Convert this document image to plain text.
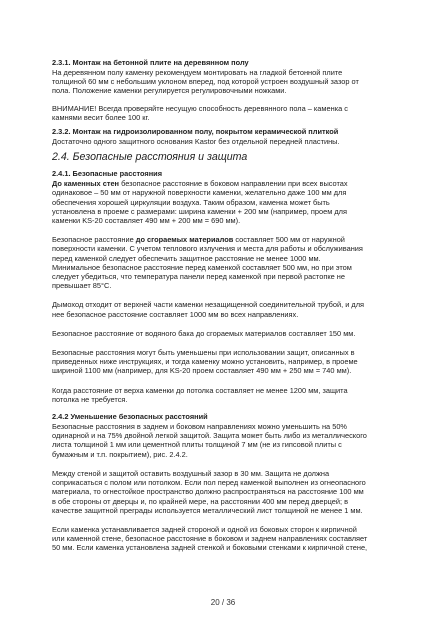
2.3.1. Монтаж на бетонной плите на деревянном полу

На деревянном полу каменку рекомендуем монтировать на гладкой бетонной плите

толщиной 60 мм с небольшим уклоном вперед, под которой устроен воздушный зазор от

пола. Положение каменки регулируется регулировочными ножками.

ВНИМАНИЕ! Всегда проверяйте несущую способность деревянного пола – каменка с

камнями весит более 100 кг.

2.3.2. Монтаж на гидроизолированном полу, покрытом керамической плиткой

Достаточно одного защитного основания Kastor без отдельной передней пластины.

2.4. Безопасные расстояния и защита
2.4.1. Безопасные расстояния

До каменных стен безопасное расстояние в боковом направлении при всех высотах

одинаковое – 50 мм от наружной поверхности каменки, желательно даже 100 мм для

обеспечения хорошей циркуляции воздуха. Таким образом, каменка может быть

установлена в проеме с размерами: ширина каменки + 200 мм (например, проем для

каменки KS-20 составляет 490 мм + 200 мм = 690 мм).

Безопасное расстояние до сгораемых материалов составляет 500 мм от наружной

поверхности каменки. С учетом теплового излучения и места для работы и обслуживания

перед каменкой следует обеспечить защитное расстояние не менее 1000 мм.

Минимальное безопасное расстояние перед каменкой составляет 500 мм, но при этом

следует убедиться, что температура панели перед каменкой при первой растопке не

превышает 85°С.

Дымоход отходит от верхней части каменки незащищенной соединительной трубой, и для

нее безопасное расстояние составляет 1000 мм во всех направлениях.

Безопасное расстояние от водяного бака до сгораемых материалов составляет 150 мм.

Безопасные расстояния могут быть уменьшены при использовании защит, описанных в

приведенных ниже инструкциях, и тогда каменку можно установить, например, в проеме

шириной 1100 мм (например, для KS-20 проем составляет 490 мм + 250 мм = 740 мм).

Когда расстояние от верха каменки до потолка составляет не менее 1200 мм, защита

потолка не требуется.

2.4.2 Уменьшение безопасных расстояний

Безопасные расстояния в заднем и боковом направлениях можно уменьшить на 50%

одинарной и на 75% двойной легкой защитой. Защита может быть либо из металлического

листа толщиной 1 мм или цементной плиты толщиной 7 мм (не из гипсовой плиты с

бумажным и т.п. покрытием), рис. 2.4.2.

Между стеной и защитой оставить воздушный зазор в 30 мм. Защита не должна

соприкасаться с полом или потолком. Если пол перед каменкой выполнен из огнеопасного

материала, то огнестойкое пространство должно распространяться на расстояние 100 мм

в обе стороны от дверцы и, по крайней мере, на расстоянии 400 мм перед дверцей; в

качестве защитной преграды используется металлический лист толщиной не менее 1 мм.

Если каменка устанавливается задней стороной и одной из боковых сторон к кирпичной

или каменной стене, безопасное расстояние в боковом и заднем направлениях составляет

50 мм. Если каменка установлена задней стенкой и боковыми стенками к кирпичной стене,

20 / 36
